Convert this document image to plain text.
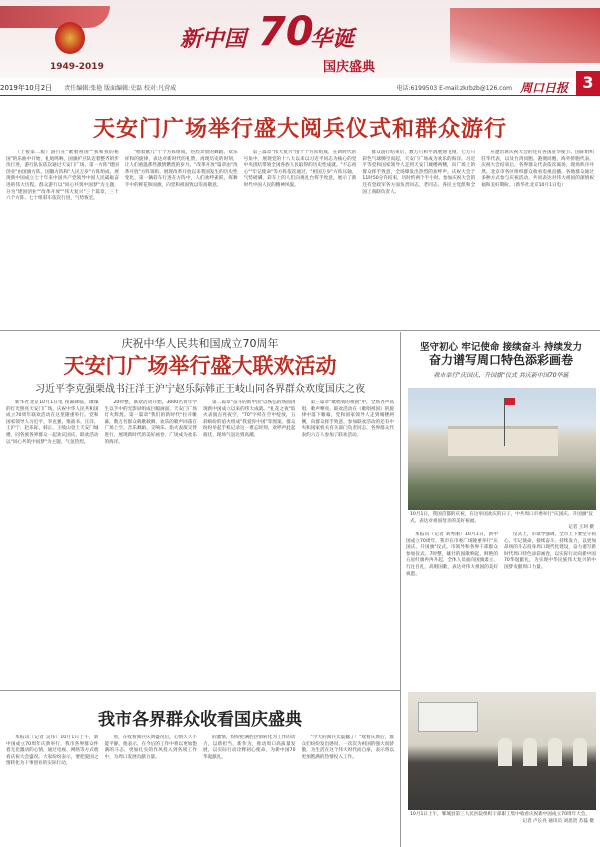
1949-2019
新中国 70
华诞
国庆盛典
2019年10月2日 责任编辑:张艳 版面编辑:史磊 校对:凡营威	电话:6199503 E-mail:zkrbzb@126.com 周口日报 3
天安门广场举行盛大阅兵仪式和群众游行
（上接第二版）游行在"歌唱祖国""我和我的祖国"的乐曲中开始，礼炮鸣响，国旗护卫队迈着整齐的步伐行进，游行队伍依次通过天安门广场。第一方阵"建国创业"由国旗方阵、国徽方阵和"人民万岁"方阵组成，展现新中国成立七十年来中国共产党领导中国人民砥砺奋进的伟大历程。群众游行以"同心共筑中国梦"为主题，分为"建国创业""改革开放""伟大复兴"三个篇章，三十六个方阵、七十组彩车依次行进，气势恢宏。
"唱着歌儿"十个方阵组成，热烈奔放的舞蹈、欢乐祥和的旋律，表达对新时代的礼赞，再现历史的时刻，让人们重温那些激情燃烧的岁月。"改革开放"篇章由"改革开放"方阵领衔，展现改革开放以来我国发生的历史性变化，第一辆彩车行进在方阵中，人们欢呼雀跃，挥舞手中的鲜花和国旗，向党和祖国致以崇高敬意。
第三篇章"伟大复兴"由十个方阵组成，在新时代的号角中，展现党的十八大以来以习近平同志为核心的党中央团结带领全国各族人民取得的历史性成就。"不忘初心""牢记使命"等方阵依次通过，"祖国万岁"方阵压轴，气势磅礴，彩车上的人们向观礼台挥手致意，展示了新时代中国人民的精神风貌。
群众游行结束后，数万只和平鸽展翅飞翔，七万只彩色气球腾空而起，天安门广场成为欢乐的海洋。习近平等党和国家领导人走到天安门城楼两侧，向广场上的群众挥手致意，全场爆发出热烈的欢呼声。庆祝大会于11时50分许结束，历时约两个半小时。参加庆祝大会的还有党政军各方面负责同志，老同志，各民主党派和全国工商联负责人。
应邀出席庆祝大会的还有各国驻华使节、国际组织驻华代表，以及台湾同胞、港澳同胞、海外侨胞代表。庆祝大会结束后，各界群众代表依次离场，现场秩序井然。北京市各区组织群众收看电视直播，各地群众通过多种方式参与庆祝活动，共同表达对伟大祖国的深情祝福和美好期盼。（新华社北京10月1日电）
庆祝中华人民共和国成立70周年
天安门广场举行盛大联欢活动
习近平李克强栗战书汪洋王沪宁赵乐际韩正王岐山同各界群众欢度国庆之夜
新华社北京10月1日电 夜幕降临，璀璨的灯光照亮天安门广场。庆祝中华人民共和国成立70周年联欢活动在这里隆重举行。党和国家领导人习近平、李克强、栗战书、汪洋、王沪宁、赵乐际、韩正、王岐山登上天安门城楼，同各族各界群众一起欢庆国庆。联欢活动以"同心共筑中国梦"为主题，气氛热烈。
20时整，联欢活动开始。3000名青年学生以手中的光影屏组成巨幅画面，天安门广场灯火辉煌。第一篇章"我们的新时代"拉开帷幕，数万名群众载歌载舞，欢乐的歌声回荡在广场上空。音乐舞蹈、交响乐、焰火表演交替进行，展现新时代的美好画卷，广场成为欢乐的海洋。
第二篇章"奋斗的新中国"以恢弘的场面再现新中国成立以来的伟大成就。"礼花之夜"焰火表演点亮夜空，"70"字样在空中绽放，五彩缤纷的焰火组成"我爱你中国"等图案。群众纷纷举起手机记录这一难忘时刻，欢呼声此起彼伏，现场气氛达到高潮。
第三篇章"歌唱我的祖国"中，全场齐声高唱，歌声嘹亮。联欢活动在《歌唱祖国》的旋律中落下帷幕，党和国家领导人走到城楼两侧，向群众挥手致意。参加联欢活动的还有中央和国家机关有关部门负责同志，各界群众代表约六万人参加了联欢活动。
坚守初心 牢记使命 接续奋斗 持续发力
奋力谱写周口特色添彩画卷
我市举行"庆国庆、升国旗"仪式 共庆新中国70华诞
10月1日，我国首都的庆祝，在这举国欢庆的日子，中共周口市委举行"庆国庆、升国旗"仪式，表达对祖国母亲的美好祝福。
记者 王珂 摄
本报讯（记者 刘秀丽）10月1日，新中国成立70周年，我市在市委广场隆重举行"庆国庆、升国旗"仪式。市领导和各界干部群众参加仪式。7时整，雄壮的国歌响起，鲜艳的五星红旗冉冉升起，全体人员面向国旗肃立，行注目礼，高唱国歌，表达对伟大祖国的美好祝愿。
仪式上，市领导强调，全市上下要坚守初心、牢记使命，接续奋斗、持续发力，以更加昂扬的斗志投身周口现代化建设，奋力谱写新时代周口特色添彩画卷，以实际行动向新中国70华诞献礼，为实现中华民族伟大复兴的中国梦贡献周口力量。
我市各界群众收看国庆盛典
本报讯（记者 吴伟）10月1日上午，新中国成立70周年庆典举行，我市各界群众怀着无比激动的心情，通过电视、网络等方式收看庆祝大会盛况。大家纷纷表示，要把爱国之情转化为干事创业的实际行动。
看，在收看阅兵庆典盛况后，心情久久不能平静。他表示，在今后的工作中将以更加饱满的斗志、更加扎实的作风投入到各项工作中，为周口发展贡献力量。
的激情，纷纷把满腔热情转化为工作的动力，以新担当、新作为，推动周口高质量发展，以实际行动诠释初心使命，为新中国70华诞献礼。
"今天的阅兵太震撼了！"收看庆典后，群众们纷纷发出感叹，一次次为祖国的强大而骄傲，为生活在这个伟大时代而自豪，表示将以更加饱满的热情投入工作。
10月1日上午，郸城县第三人民医院组织干部职工集中收看庆祝新中国成立70周年大会。
记者 卢长亮 通讯员 刘思贺 苏磊 摄
